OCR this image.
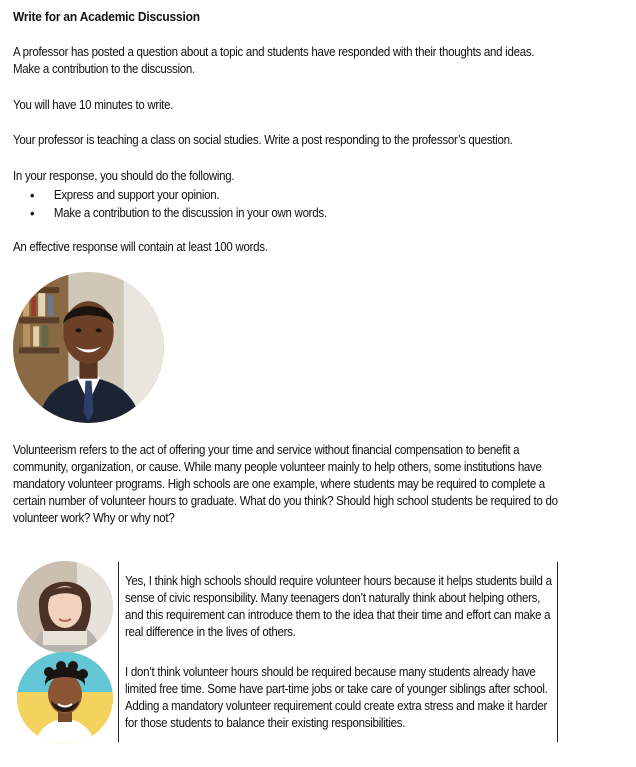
Write for an Academic Discussion

A professor has posted a question about a topic and students have responded with their thoughts and ideas. Make a contribution to the discussion.

You will have 10 minutes to write.

Your professor is teaching a class on social studies. Write a post responding to the professor’s question.

In your response, you should do the following.

• Express and support your opinion.
• Make a contribution to the discussion in your own words.

An effective response will contain at least 100 words.

Volunteerism refers to the act of offering your time and service without financial compensation to benefit a community, organization, or cause. While many people volunteer mainly to help others, some institutions have mandatory volunteer programs. High schools are one example, where students may be required to complete a certain number of volunteer hours to graduate. What do you think? Should high school students be required to do volunteer work? Why or why not?

Yes, I think high schools should require volunteer hours because it helps students build a sense of civic responsibility. Many teenagers don’t naturally think about helping others, and this requirement can introduce them to the idea that their time and effort can make a real difference in the lives of others.

I don’t think volunteer hours should be required because many students already have limited free time. Some have part-time jobs or take care of younger siblings after school. Adding a mandatory volunteer requirement could create extra stress and make it harder for those students to balance their existing responsibilities.
